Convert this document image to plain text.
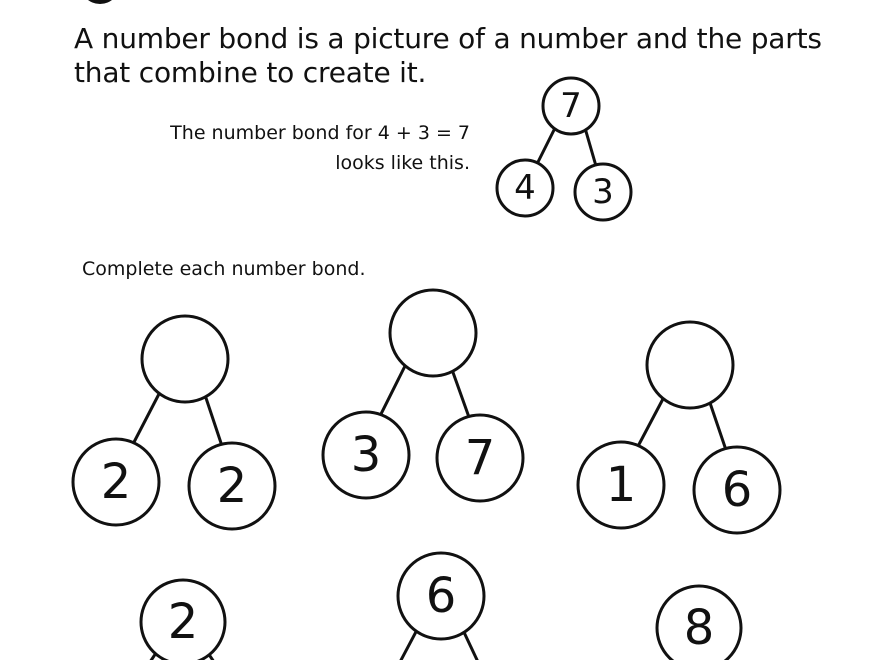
A number bond is a picture of a number and the parts
that combine to create it.
The number bond for 4 + 3 = 7
looks like this.
Complete each number bond.
7
4 3
2 2
3 7 1 6
2	6
8
